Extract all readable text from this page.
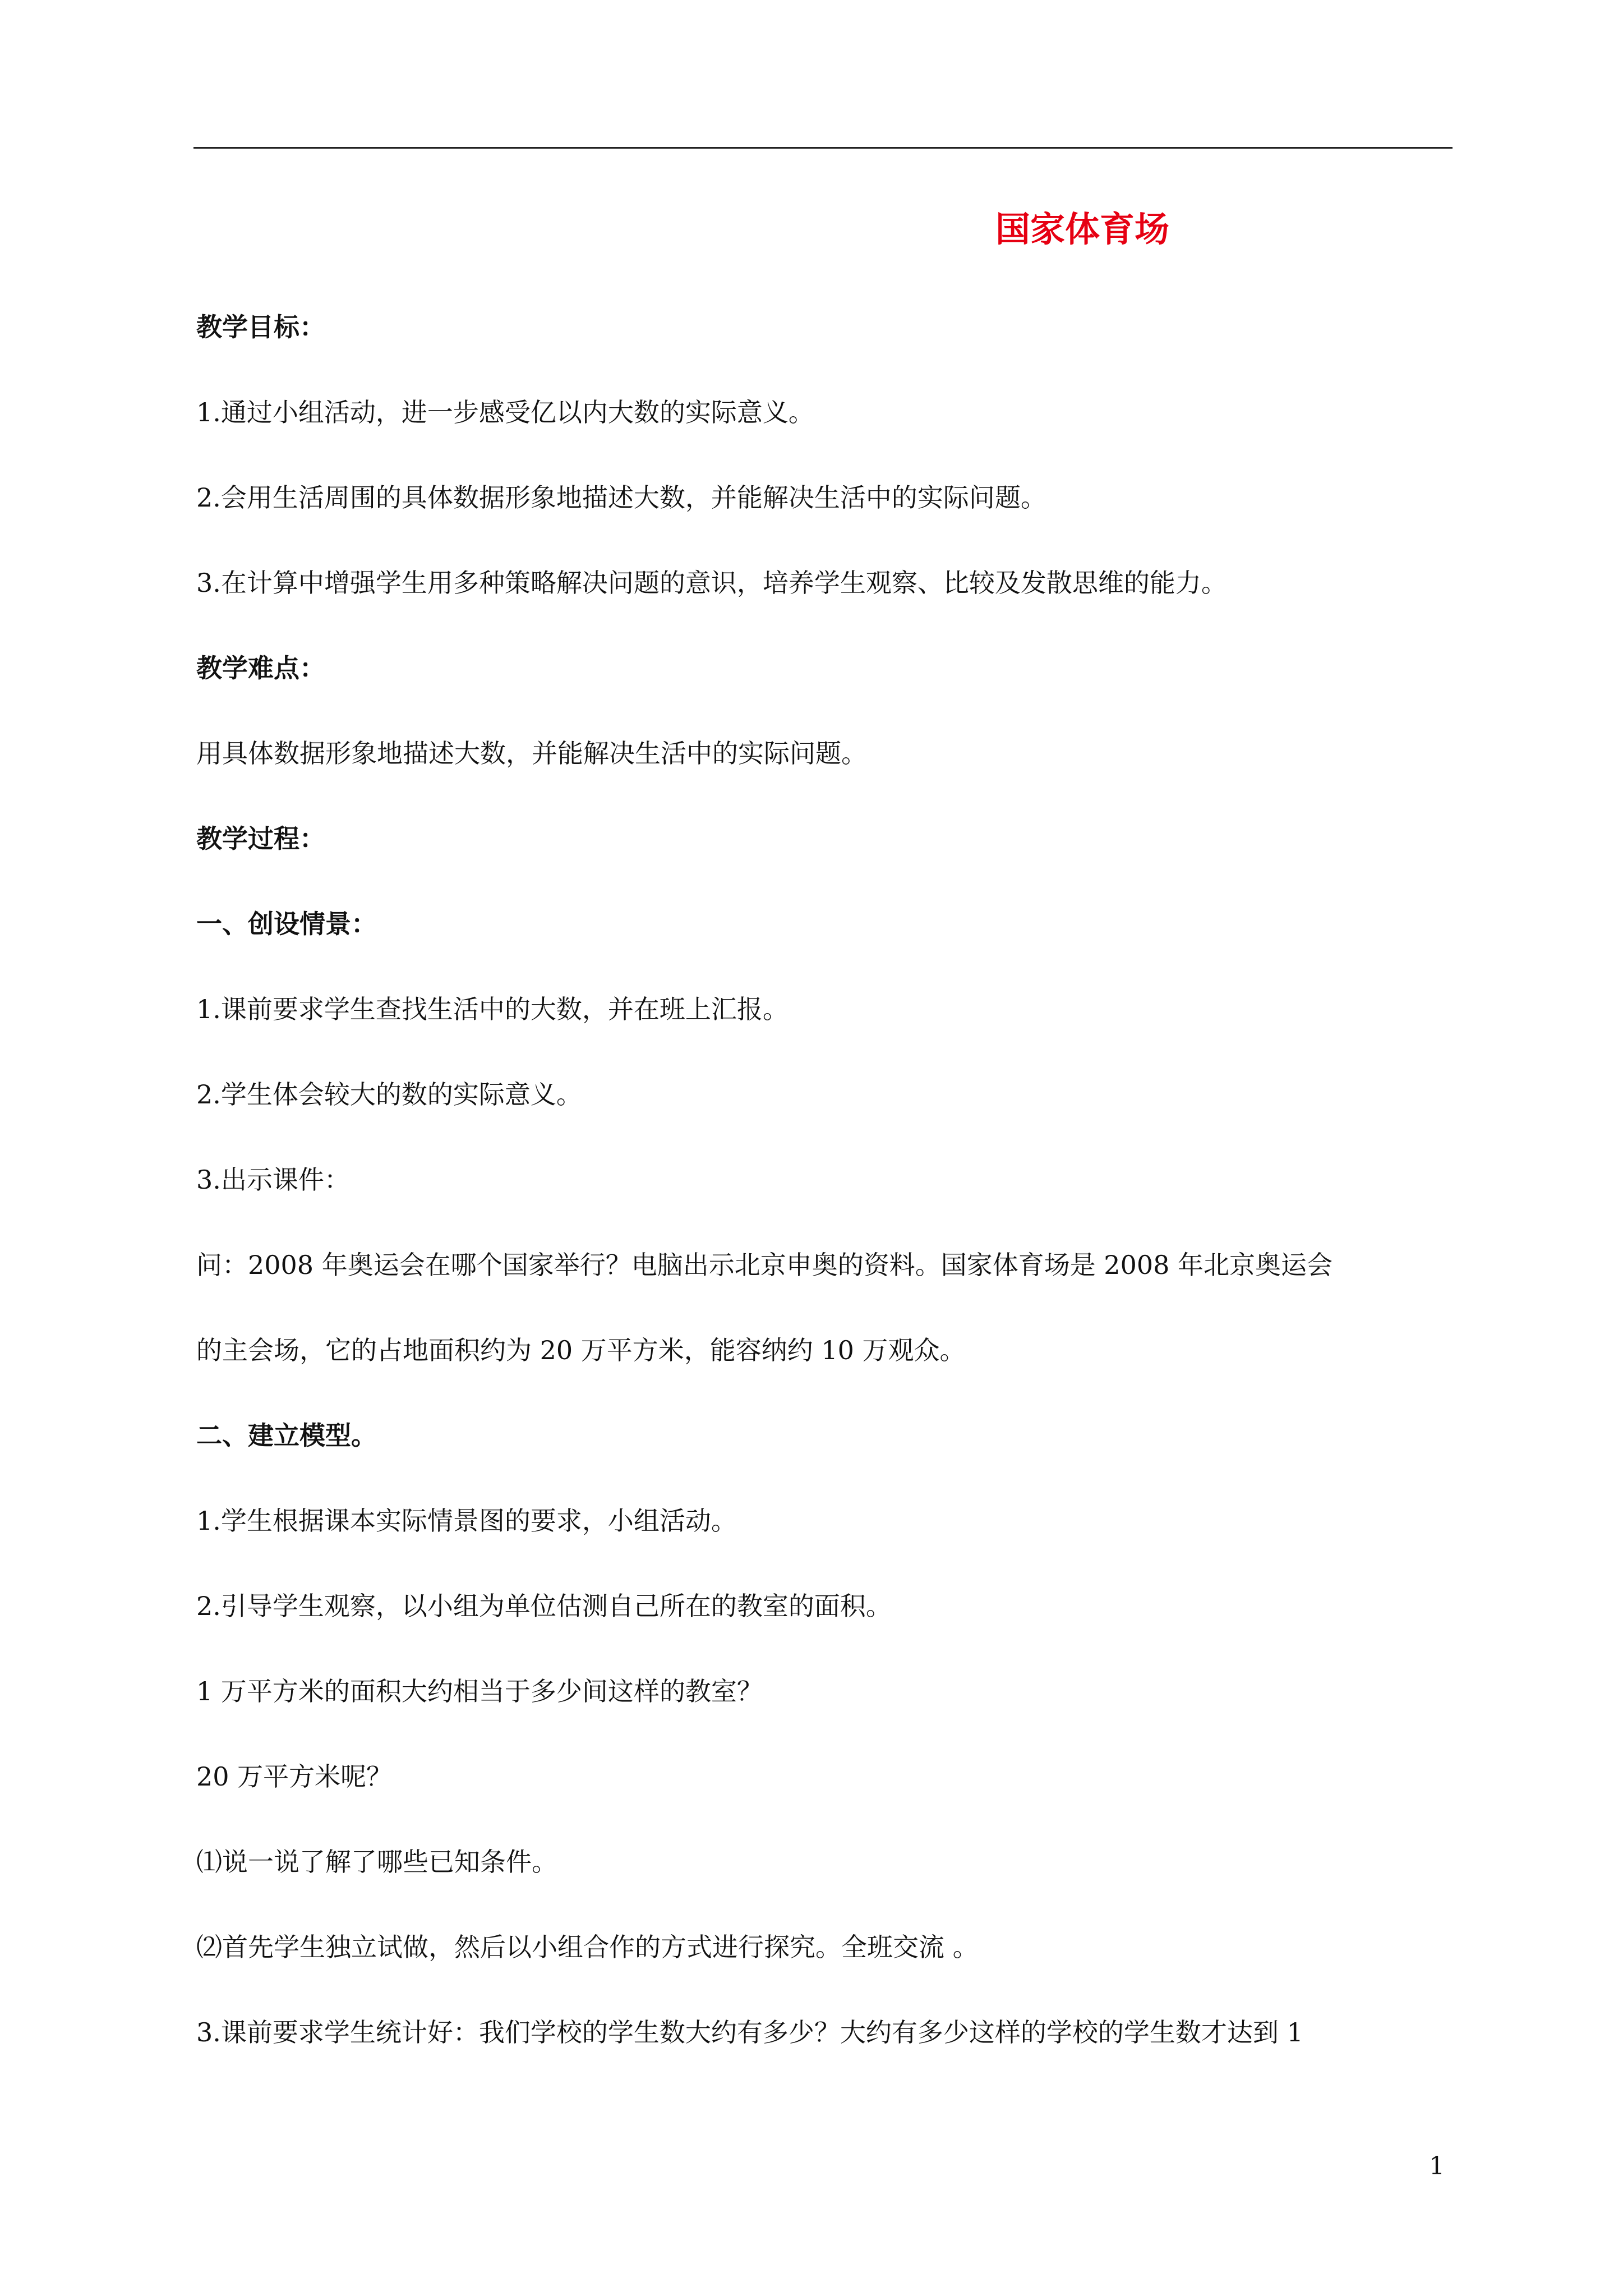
国家体育场
教学目标：
1.通过小组活动，进一步感受亿以内大数的实际意义。
2.会用生活周围的具体数据形象地描述大数，并能解决生活中的实际问题。
3.在计算中增强学生用多种策略解决问题的意识，培养学生观察、比较及发散思维的能力。
教学难点：
用具体数据形象地描述大数，并能解决生活中的实际问题。
教学过程：
一、创设情景：
1.课前要求学生查找生活中的大数，并在班上汇报。
2.学生体会较大的数的实际意义。
3.出示课件：
问：2008 年奥运会在哪个国家举行？电脑出示北京申奥的资料。国家体育场是 2008 年北京奥运会
的主会场，它的占地面积约为 20 万平方米，能容纳约 10 万观众。
二、建立模型。
1.学生根据课本实际情景图的要求，小组活动。
2.引导学生观察，以小组为单位估测自己所在的教室的面积。
1 万平方米的面积大约相当于多少间这样的教室？
20 万平方米呢？
⑴说一说了解了哪些已知条件。
⑵首先学生独立试做，然后以小组合作的方式进行探究。全班交流 。
3.课前要求学生统计好：我们学校的学生数大约有多少？大约有多少这样的学校的学生数才达到 1
1
